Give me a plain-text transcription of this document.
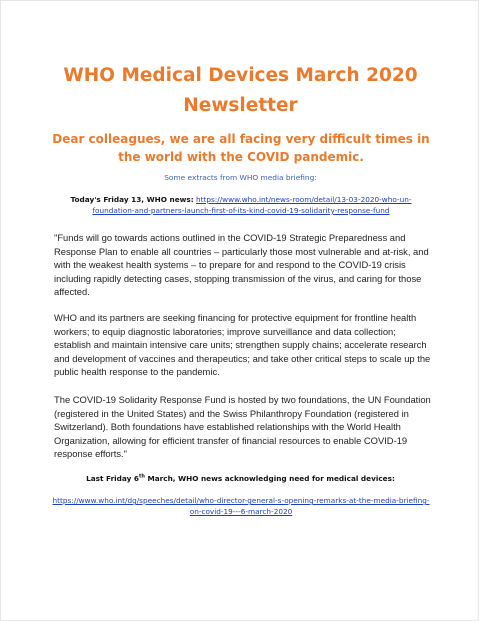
WHO Medical Devices March 2020
Newsletter

Dear colleagues, we are all facing very difficult times in the world with the COVID pandemic.

Some extracts from WHO media briefing:
Today's Friday 13, WHO news: https://www.who.int/news-room/detail/13-03-2020-who-un-foundation-and-partners-launch-first-of-its-kind-covid-19-solidarity-response-fund

"Funds will go towards actions outlined in the COVID-19 Strategic Preparedness and Response Plan to enable all countries – particularly those most vulnerable and at-risk, and with the weakest health systems – to prepare for and respond to the COVID-19 crisis including rapidly detecting cases, stopping transmission of the virus, and caring for those affected.

WHO and its partners are seeking financing for protective equipment for frontline health workers; to equip diagnostic laboratories; improve surveillance and data collection; establish and maintain intensive care units; strengthen supply chains; accelerate research and development of vaccines and therapeutics; and take other critical steps to scale up the public health response to the pandemic.

The COVID-19 Solidarity Response Fund is hosted by two foundations, the UN Foundation (registered in the United States) and the Swiss Philanthropy Foundation (registered in Switzerland). Both foundations have established relationships with the World Health Organization, allowing for efficient transfer of financial resources to enable COVID-19 response efforts."

Last Friday 6th March, WHO news acknowledging need for medical devices:
https://www.who.int/dg/speeches/detail/who-director-general-s-opening-remarks-at-the-media-briefing-on-covid-19---6-march-2020
